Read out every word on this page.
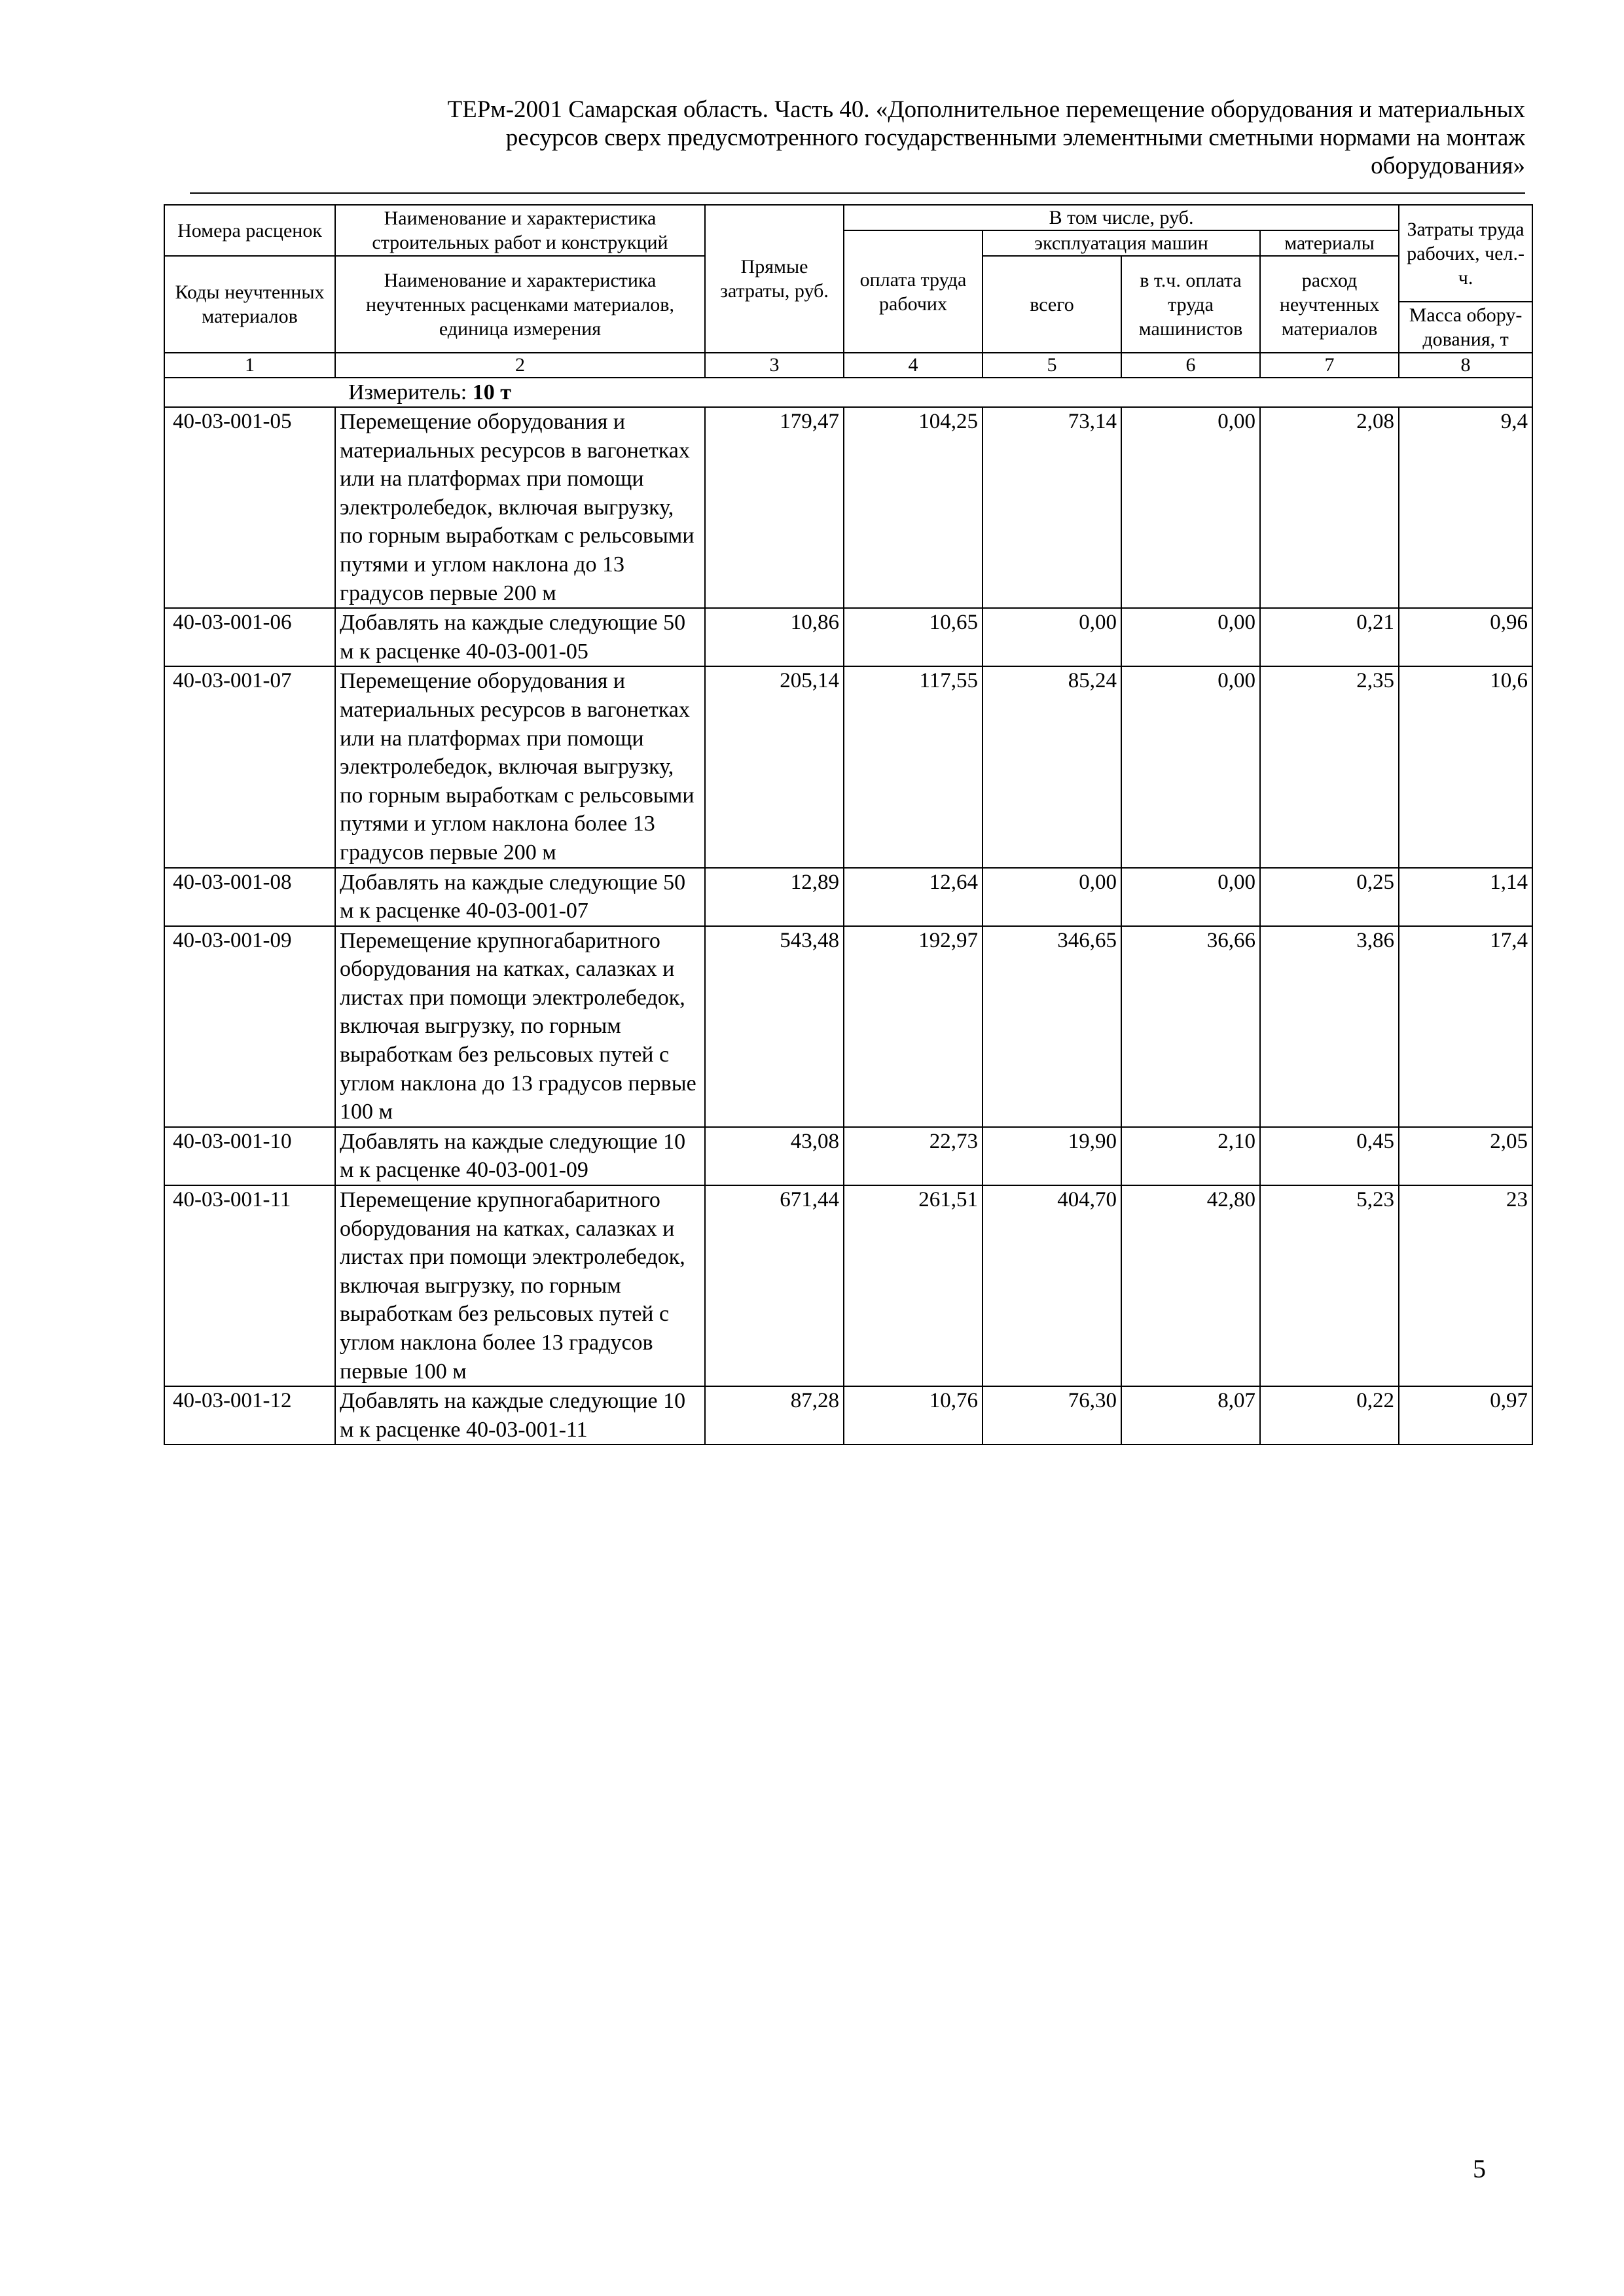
ТЕРм-2001 Самарская область. Часть 40. «Дополнительное перемещение оборудования и материальных
ресурсов сверх предусмотренного государственными элементными сметными нормами на монтаж
оборудования»
Номера расценок	Наименование и характеристика строительных работ и конструкций	Прямые затраты, руб.	В том числе, руб.				Затраты труда рабочих, чел.-ч.
			оплата труда рабочих	эксплуатация машин		материалы	
Коды неучтенных материалов	Наименование и характеристика неучтенных расценками материалов, единица измерения			всего	в т.ч. оплата труда машинистов	расход неучтенных материалов	
							Масса обору-дования, т
1	2	3	4	5	6	7	8
Измеритель: 10 т							
40-03-001-05	Перемещение оборудования и материальных ресурсов в вагонетках или на платформах при помощи электролебедок, включая выгрузку, по горным выработкам с рельсовыми путями и углом наклона до 13 градусов первые 200 м	179,47	104,25	73,14	0,00	2,08	9,4
40-03-001-06	Добавлять на каждые следующие 50 м к расценке 40-03-001-05	10,86	10,65	0,00	0,00	0,21	0,96
40-03-001-07	Перемещение оборудования и материальных ресурсов в вагонетках или на платформах при помощи электролебедок, включая выгрузку, по горным выработкам с рельсовыми путями и углом наклона более 13 градусов первые 200 м	205,14	117,55	85,24	0,00	2,35	10,6
40-03-001-08	Добавлять на каждые следующие 50 м к расценке 40-03-001-07	12,89	12,64	0,00	0,00	0,25	1,14
40-03-001-09	Перемещение крупногабаритного оборудования на катках, салазках и листах при помощи электролебедок, включая выгрузку, по горным выработкам без рельсовых путей с углом наклона до 13 градусов первые 100 м	543,48	192,97	346,65	36,66	3,86	17,4
40-03-001-10	Добавлять на каждые следующие 10 м к расценке 40-03-001-09	43,08	22,73	19,90	2,10	0,45	2,05
40-03-001-11	Перемещение крупногабаритного оборудования на катках, салазках и листах при помощи электролебедок, включая выгрузку, по горным выработкам без рельсовых путей с углом наклона более 13 градусов первые 100 м	671,44	261,51	404,70	42,80	5,23	23
40-03-001-12	Добавлять на каждые следующие 10 м к расценке 40-03-001-11	87,28	10,76	76,30	8,07	0,22	0,97
5
